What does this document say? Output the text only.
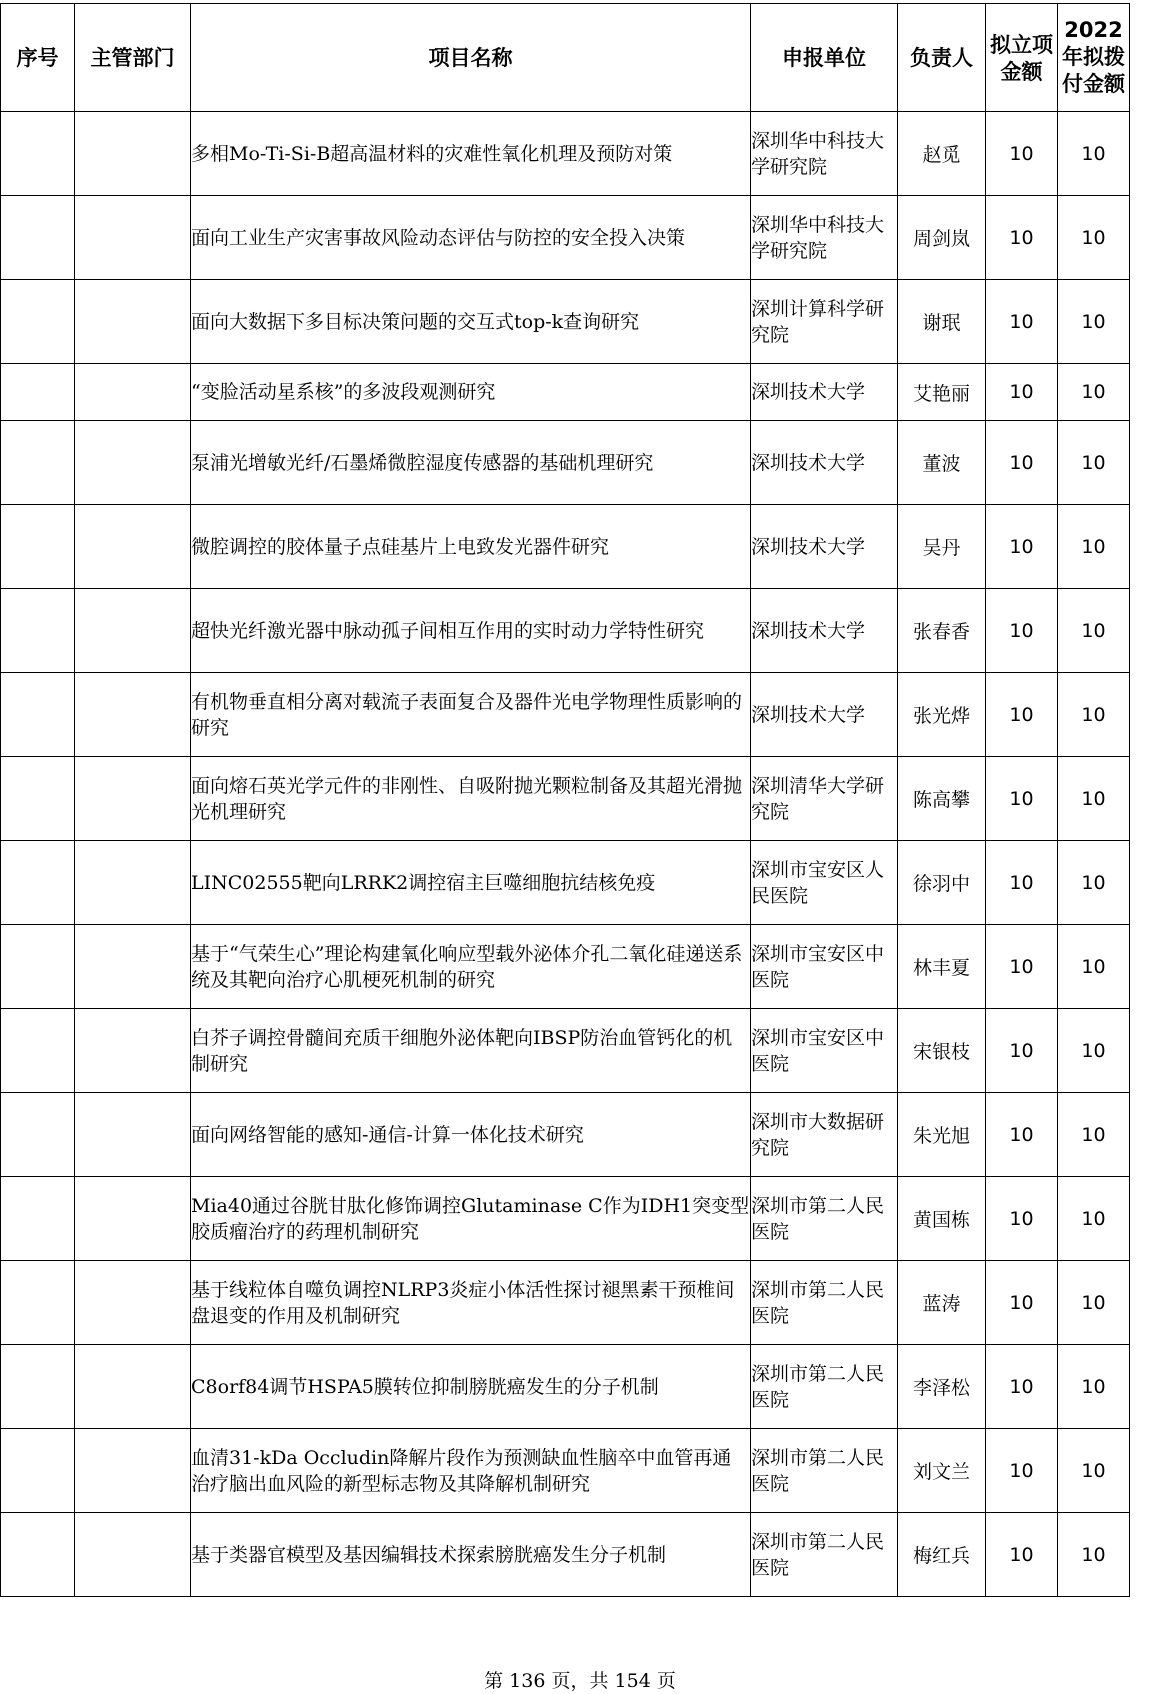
序号	主管部门	项目名称	申报单位	负责人	拟立项金额	2022年拟拨付金额
		多相Mo-Ti-Si-B超高温材料的灾难性氧化机理及预防对策	深圳华中科技大学研究院	赵觅	10	10
		面向工业生产灾害事故风险动态评估与防控的安全投入决策	深圳华中科技大学研究院	周剑岚	10	10
		面向大数据下多目标决策问题的交互式top-k查询研究	深圳计算科学研究院	谢珉	10	10
		“变脸活动星系核”的多波段观测研究	深圳技术大学	艾艳丽	10	10
		泵浦光增敏光纤/石墨烯微腔湿度传感器的基础机理研究	深圳技术大学	董波	10	10
		微腔调控的胶体量子点硅基片上电致发光器件研究	深圳技术大学	吴丹	10	10
		超快光纤激光器中脉动孤子间相互作用的实时动力学特性研究	深圳技术大学	张春香	10	10
		有机物垂直相分离对载流子表面复合及器件光电学物理性质影响的研究	深圳技术大学	张光烨	10	10
		面向熔石英光学元件的非刚性、自吸附抛光颗粒制备及其超光滑抛光机理研究	深圳清华大学研究院	陈高攀	10	10
		LINC02555靶向LRRK2调控宿主巨噬细胞抗结核免疫	深圳市宝安区人民医院	徐羽中	10	10
		基于“气荣生心”理论构建氧化响应型载外泌体介孔二氧化硅递送系统及其靶向治疗心肌梗死机制的研究	深圳市宝安区中医院	林丰夏	10	10
		白芥子调控骨髓间充质干细胞外泌体靶向IBSP防治血管钙化的机制研究	深圳市宝安区中医院	宋银枝	10	10
		面向网络智能的感知-通信-计算一体化技术研究	深圳市大数据研究院	朱光旭	10	10
		Mia40通过谷胱甘肽化修饰调控Glutaminase C作为IDH1突变型胶质瘤治疗的药理机制研究	深圳市第二人民医院	黄国栋	10	10
		基于线粒体自噬负调控NLRP3炎症小体活性探讨褪黑素干预椎间盘退变的作用及机制研究	深圳市第二人民医院	蓝涛	10	10
		C8orf84调节HSPA5膜转位抑制膀胱癌发生的分子机制	深圳市第二人民医院	李泽松	10	10
		血清31-kDa Occludin降解片段作为预测缺血性脑卒中血管再通治疗脑出血风险的新型标志物及其降解机制研究	深圳市第二人民医院	刘文兰	10	10
		基于类器官模型及基因编辑技术探索膀胱癌发生分子机制	深圳市第二人民医院	梅红兵	10	10
第 136 页，共 154 页
